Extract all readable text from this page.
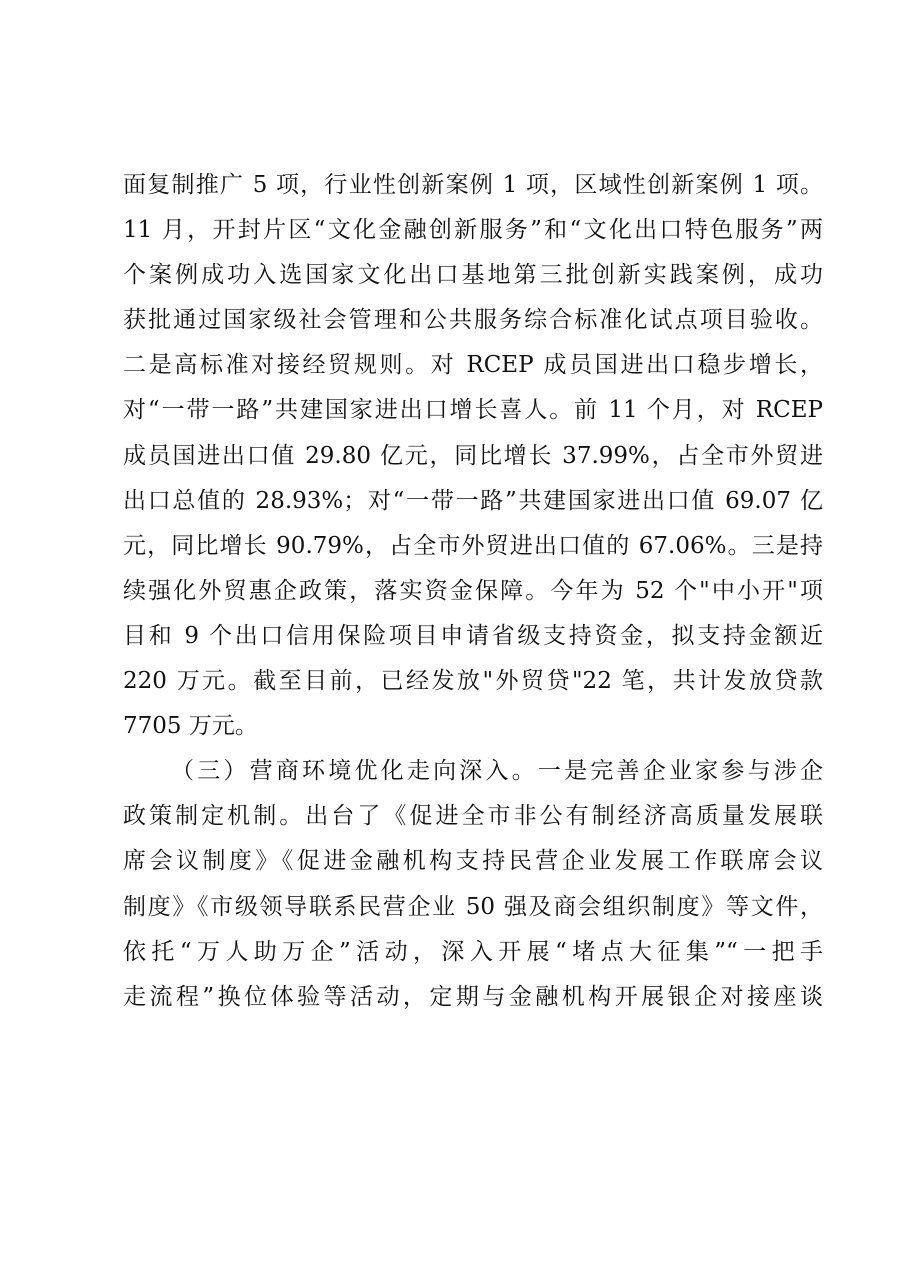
面复制推广 5 项，行业性创新案例 1 项，区域性创新案例 1 项。
11 月，开封片区“文化金融创新服务”和“文化出口特色服务”两
个案例成功入选国家文化出口基地第三批创新实践案例，成功
获批通过国家级社会管理和公共服务综合标准化试点项目验收。
二是高标准对接经贸规则。对 RCEP 成员国进出口稳步增长，
对“一带一路”共建国家进出口增长喜人。前 11 个月，对 RCEP
成员国进出口值 29.80 亿元，同比增长 37.99%，占全市外贸进
出口总值的 28.93%；对“一带一路”共建国家进出口值 69.07 亿
元，同比增长 90.79%，占全市外贸进出口值的 67.06%。三是持
续强化外贸惠企政策，落实资金保障。今年为 52 个"中小开"项
目和 9 个出口信用保险项目申请省级支持资金，拟支持金额近
220 万元。截至目前，已经发放"外贸贷"22 笔，共计发放贷款
7705 万元。
（三）营商环境优化走向深入。一是完善企业家参与涉企
政策制定机制。出台了《促进全市非公有制经济高质量发展联
席会议制度》《促进金融机构支持民营企业发展工作联席会议
制度》《市级领导联系民营企业 50 强及商会组织制度》等文件，
依托“万人助万企”活动，深入开展“堵点大征集”“一把手
走流程”换位体验等活动，定期与金融机构开展银企对接座谈
